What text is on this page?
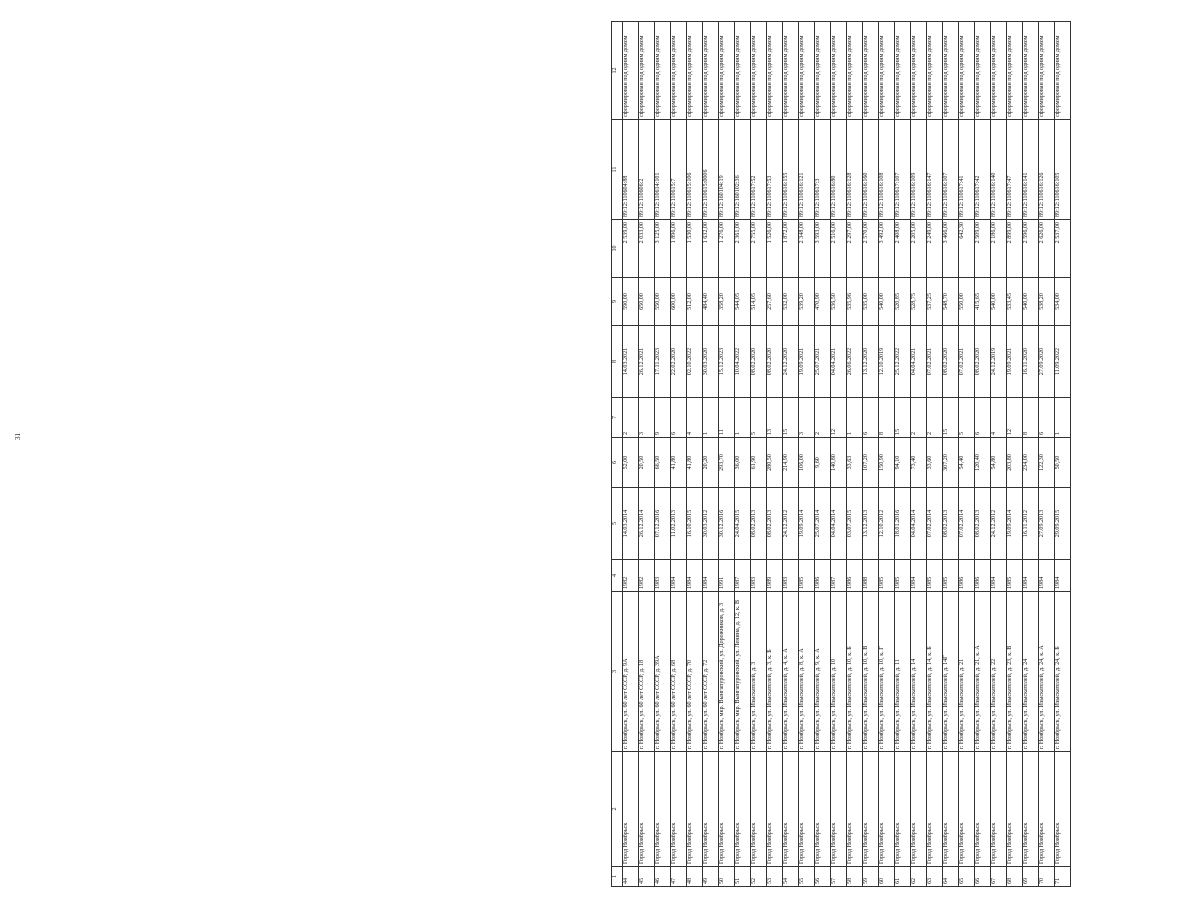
31
1	2	3	4	5	6	7	8	9	10	11	12
44	Город Ноябрьск	г. Ноябрьск, ул. 60 лет СССР, д. 9А	1982	14.03.2014	52,00	2	14.03.2021	590,00	2 539,00	89:12:110604:88	сформирован под одним домом
45	Город Ноябрьск	г. Ноябрьск, ул. 60 лет СССР, д. 18	1982	26.12.2014	20,50	3	26.12.2021	650,00	2 033,00	89:12:110606:2	сформирован под одним домом
46	Город Ноябрьск	г. Ноябрьск, ул. 60 лет СССР, д. 39А	1983	07.12.2016	66,50	9	17.11.2023	550,00	3 125,00	89:12:110614:101	сформирован под одним домом
47	Город Ноябрьск	г. Ноябрьск, ул. 60 лет СССР, д. 68	1984	11.02.2013	41,80	6	22.02.2020	600,00	1 896,00	89:12:110615:7	сформирован под одним домом
48	Город Ноябрьск	г. Ноябрьск, ул. 60 лет СССР, д. 70	1984	16.10.2015	41,80	4	02.10.2022	512,00	1 530,00	89:12:110615:106	сформирован под одним домом
49	Город Ноябрьск	г. Ноябрьск, ул. 60 лет СССР, д. 72	1984	30.03.2012	20,20	1	30.03.2020	484,40	1 632,00	89:12:110615:0006	сформирован под одним домом
50	Город Ноябрьск	г. Ноябрьск, мкр. Вынгапуровский, ул. Дорожников, д. 3	1991	30.12.2016	293,70	11	15.12.2023	358,20	1 276,00	89:12:160104:19	сформирован под одним домом
51	Город Ноябрьск	г. Ноябрьск, мкр. Вынгапуровский, ул. Ленина, д. 12, к. В	1987	24.04.2015	36,00	1	10.04.2022	544,05	2 361,00	89:12:160102:36	сформирован под одним домом
52	Город Ноябрьск	г. Ноябрьск, ул. Изыскателей, д. 3	1983	08.02.2013	61,90	5	08.02.2020	514,05	2 755,00	89:12:110617:52	сформирован под одним домом
53	Город Ноябрьск	г. Ноябрьск, ул. Изыскателей, д. 3, к. Б	1989	08.02.2013	280,50	13	08.02.2020	257,60	1 526,00	89:12:110617:53	сформирован под одним домом
54	Город Ноябрьск	г. Ноябрьск, ул. Изыскателей, д. 4, к. А	1983	24.12.2012	214,90	15	24.12.2020	532,00	1 872,00	89:12:110616:155	сформирован под одним домом
55	Город Ноябрьск	г. Ноябрьск, ул. Изыскателей, д. 8, к. А	1985	19.09.2014	106,00	3	19.09.2021	539,20	2 348,00	89:12:110616:121	сформирован под одним домом
56	Город Ноябрьск	г. Ноябрьск, ул. Изыскателей, д. 9, к. А	1986	25.07.2014	9,60	2	25.07.2021	470,90	3 593,00	89:12:110617:3	сформирован под одним домом
57	Город Ноябрьск	г. Ноябрьск, ул. Изыскателей, д. 10	1987	04.04.2014	140,80	12	04.04.2021	536,50	2 516,00	89:12:110616:80	сформирован под одним домом
58	Город Ноябрьск	г. Ноябрьск, ул. Изыскателей, д. 10, к. Б	1986	03.07.2015	33,63	1	26.06.2022	535,96	2 297,00	89:12:110616:128	сформирован под одним домом
59	Город Ноябрьск	г. Ноябрьск, ул. Изыскателей, д. 10, к. В	1988	13.12.2013	107,20	6	13.12.2020	535,00	2 570,00	89:12:110616:160	сформирован под одним домом
60	Город Ноябрьск	г. Ноябрьск, ул. Изыскателей, д. 10, к. Г	1985	12.10.2012	150,90	8	12.10.2019	540,00	3 492,00	89:12:110616:108	сформирован под одним домом
61	Город Ноябрьск	г. Ноябрьск, ул. Изыскателей, д. 11	1985	18.01.2016	94,10	15	25.12.2022	520,85	2 408,00	89:12:110617:107	сформирован под одним домом
62	Город Ноябрьск	г. Ноябрьск, ул. Изыскателей, д. 14	1984	04.04.2014	73,40	2	04.04.2021	528,75	2 205,00	89:12:110616:109	сформирован под одним домом
63	Город Ноябрьск	г. Ноябрьск, ул. Изыскателей, д. 14, к. Б	1985	07.02.2014	33,60	2	07.02.2021	537,25	2 249,00	89:12:110616:147	сформирован под одним домом
64	Город Ноябрьск	г. Ноябрьск, ул. Изыскателей, д. 14Г	1985	08.02.2013	307,20	15	08.02.2020	548,70	3 466,00	89:12:110616:107	сформирован под одним домом
65	Город Ноябрьск	г. Ноябрьск, ул. Изыскателей, д. 21	1986	07.02.2014	54,40	5	07.02.2021	550,00	642,30	89:12:110617:41	сформирован под одним домом
66	Город Ноябрьск	г. Ноябрьск, ул. Изыскателей, д. 21, к. А	1986	08.02.2013	120,40	6	08.02.2020	415,65	2 509,00	89:12:110617:42	сформирован под одним домом
67	Город Ноябрьск	г. Ноябрьск, ул. Изыскателей, д. 22	1984	24.12.2012	54,80	4	24.12.2019	540,00	2 186,00	89:12:110616:140	сформирован под одним домом
68	Город Ноябрьск	г. Ноябрьск, ул. Изыскателей, д. 23, к. В	1985	19.09.2014	203,80	12	19.09.2021	533,45	2 899,00	89:12:110617:47	сформирован под одним домом
69	Город Ноябрьск	г. Ноябрьск, ул. Изыскателей, д. 24	1984	16.11.2012	234,00	8	16.11.2020	540,00	2 596,00	89:12:110616:141	сформирован под одним домом
70	Город Ноябрьск	г. Ноябрьск, ул. Изыскателей, д. 24, к. А	1984	27.09.2013	122,30	6	27.09.2020	538,20	2 626,00	89:12:110616:126	сформирован под одним домом
71	Город Ноябрьск	г. Ноябрьск, ул. Изыскателей, д. 24, к. Б	1984	29.09.2015	50,50	1	11.09.2022	534,00	2 537,00	89:12:110616:105	сформирован под одним домом
